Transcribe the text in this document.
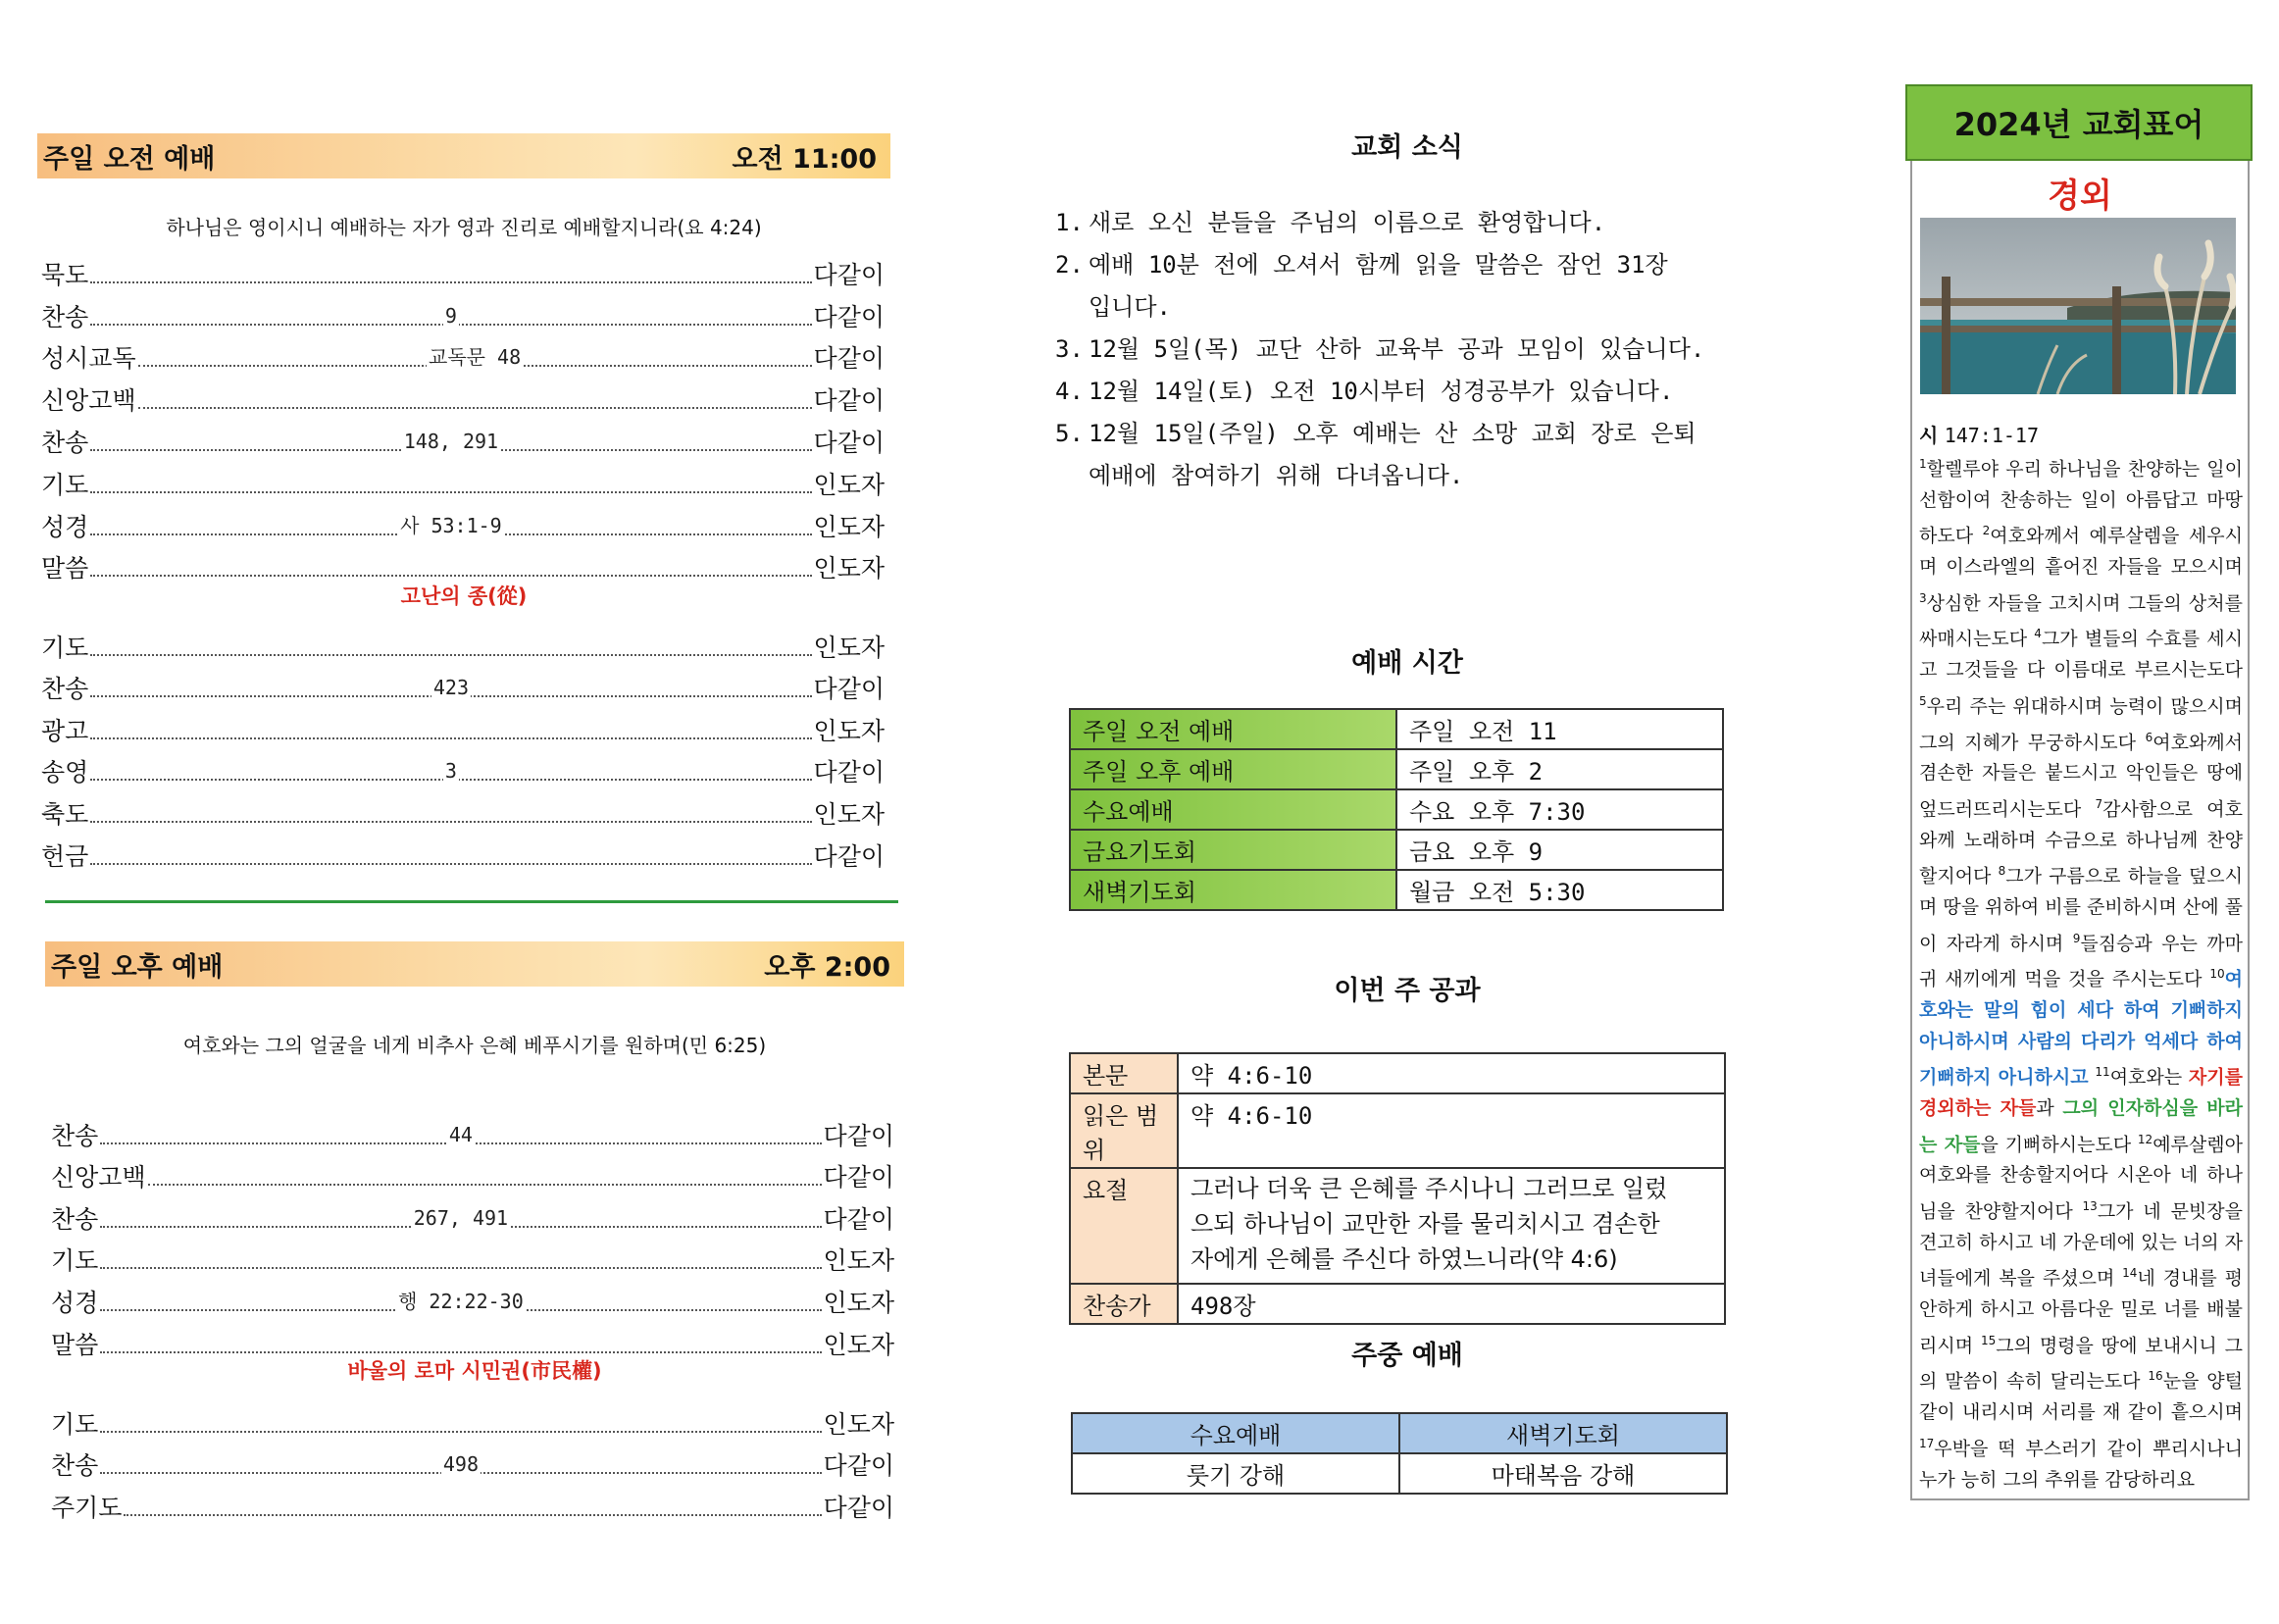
주일 오전 예배	오전 11:00
하나님은 영이시니 예배하는 자가 영과 진리로 예배할지니라(요 4:24)
묵도	다같이
찬송	9	다같이
성시교독	교독문 48	다같이
신앙고백	다같이
찬송	148, 291	다같이
기도	인도자
성경	사 53:1-9	인도자
말씀	인도자
고난의 종(從)
기도	인도자
찬송	423	다같이
광고	인도자
송영	3	다같이
축도	인도자
헌금	다같이
주일 오후 예배	오후 2:00
여호와는 그의 얼굴을 네게 비추사 은혜 베푸시기를 원하며(민 6:25)
찬송	44	다같이
신앙고백	다같이
찬송	267, 491	다같이
기도	인도자
성경	행 22:22-30	인도자
말씀	인도자
바울의 로마 시민권(市民權)
기도	인도자
찬송	498	다같이
주기도	다같이
교회 소식
1. 새로 오신 분들을 주님의 이름으로 환영합니다.
2. 예배 10분 전에 오셔서 함께 읽을 말씀은 잠언 31장
입니다.
3. 12월 5일(목) 교단 산하 교육부 공과 모임이 있습니다.
4. 12월 14일(토) 오전 10시부터 성경공부가 있습니다.
5. 12월 15일(주일) 오후 예배는 산 소망 교회 장로 은퇴
예배에 참여하기 위해 다녀옵니다.
예배 시간
주일 오전 예배	주일 오전 11
주일 오후 예배	주일 오후 2
수요예배	수요 오후 7:30
금요기도회	금요 오후 9
새벽기도회	월금 오전 5:30
이번 주 공과
본문	약 4:6-10
읽은 범위	약 4:6-10
요절	그러나 더욱 큰 은혜를 주시나니 그러므로 일렀
으되 하나님이 교만한 자를 물리치시고 겸손한
자에게 은혜를 주신다 하였느니라(약 4:6)

찬송가	498장
주중 예배
수요예배	새벽기도회
룻기 강해	마태복음 강해
2024년 교회표어
경외
시 147:1-17
$^1$할렐루야 우리 하나님을 찬양하는 일이 선함이여 찬송하는 일이 아름답고 마땅하도다 $^2$여호와께서 예루살렘을 세우시며 이스라엘의 흩어진 자들을 모으시며 $^3$상심한 자들을 고치시며 그들의 상처를 싸매시는도다 $^4$그가 별들의 수효를 세시고 그것들을 다 이름대로 부르시는도다 $^5$우리 주는 위대하시며 능력이 많으시며 그의 지혜가 무궁하시도다 $^6$여호와께서 겸손한 자들은 붙드시고 악인들은 땅에 엎드러뜨리시는도다 $^7$감사함으로 여호와께 노래하며 수금으로 하나님께 찬양할지어다 $^8$그가 구름으로 하늘을 덮으시며 땅을 위하여 비를 준비하시며 산에 풀이 자라게 하시며 $^9$들짐승과 우는 까마귀 새끼에게 먹을 것을 주시는도다 $^{10}$여호와는 말의 힘이 세다 하여 기뻐하지 아니하시며 사람의 다리가 억세다 하여 기뻐하지 아니하시고 $^{11}$여호와는 자기를 경외하는 자들과 그의 인자하심을 바라는 자들을 기뻐하시는도다 $^{12}$예루살렘아 여호와를 찬송할지어다 시온아 네 하나님을 찬양할지어다 $^{13}$그가 네 문빗장을 견고히 하시고 네 가운데에 있는 너의 자녀들에게 복을 주셨으며 $^{14}$네 경내를 평안하게 하시고 아름다운 밀로 너를 배불리시며 $^{15}$그의 명령을 땅에 보내시니 그의 말씀이 속히 달리는도다 $^{16}$눈을 양털 같이 내리시며 서리를 재 같이 흩으시며 $^{17}$우박을 떡 부스러기 같이 뿌리시나니 누가 능히 그의 추위를 감당하리요
